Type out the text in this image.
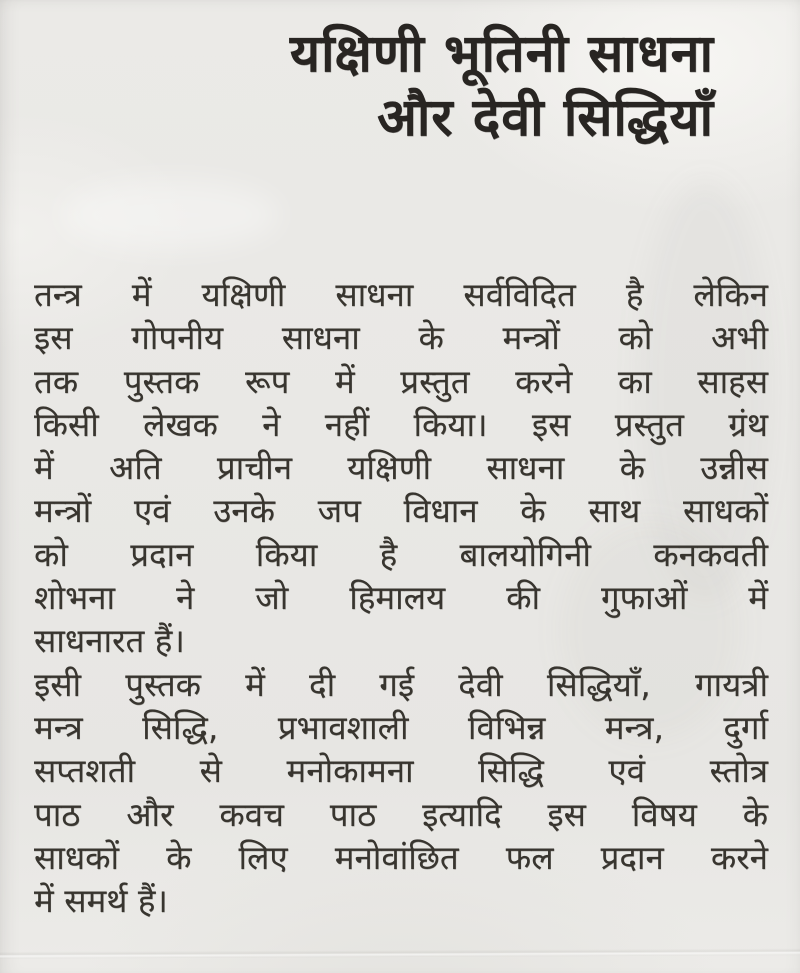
यक्षिणी भूतिनी साधना
और देवी सिद्धियाँ
तन्त्र में यक्षिणी साधना सर्वविदित है लेकिन
इस गोपनीय साधना के मन्त्रों को अभी
तक पुस्तक रूप में प्रस्तुत करने का साहस
किसी लेखक ने नहीं किया। इस प्रस्तुत ग्रंथ
में अति प्राचीन यक्षिणी साधना के उन्नीस
मन्त्रों एवं उनके जप विधान के साथ साधकों
को प्रदान किया है बालयोगिनी कनकवती
शोभना ने जो हिमालय की गुफाओं में
साधनारत हैं।
इसी पुस्तक में दी गई देवी सिद्धियाँ, गायत्री
मन्त्र सिद्धि, प्रभावशाली विभिन्न मन्त्र, दुर्गा
सप्तशती से मनोकामना सिद्धि एवं स्तोत्र
पाठ और कवच पाठ इत्यादि इस विषय के
साधकों के लिए मनोवांछित फल प्रदान करने
में समर्थ हैं।
